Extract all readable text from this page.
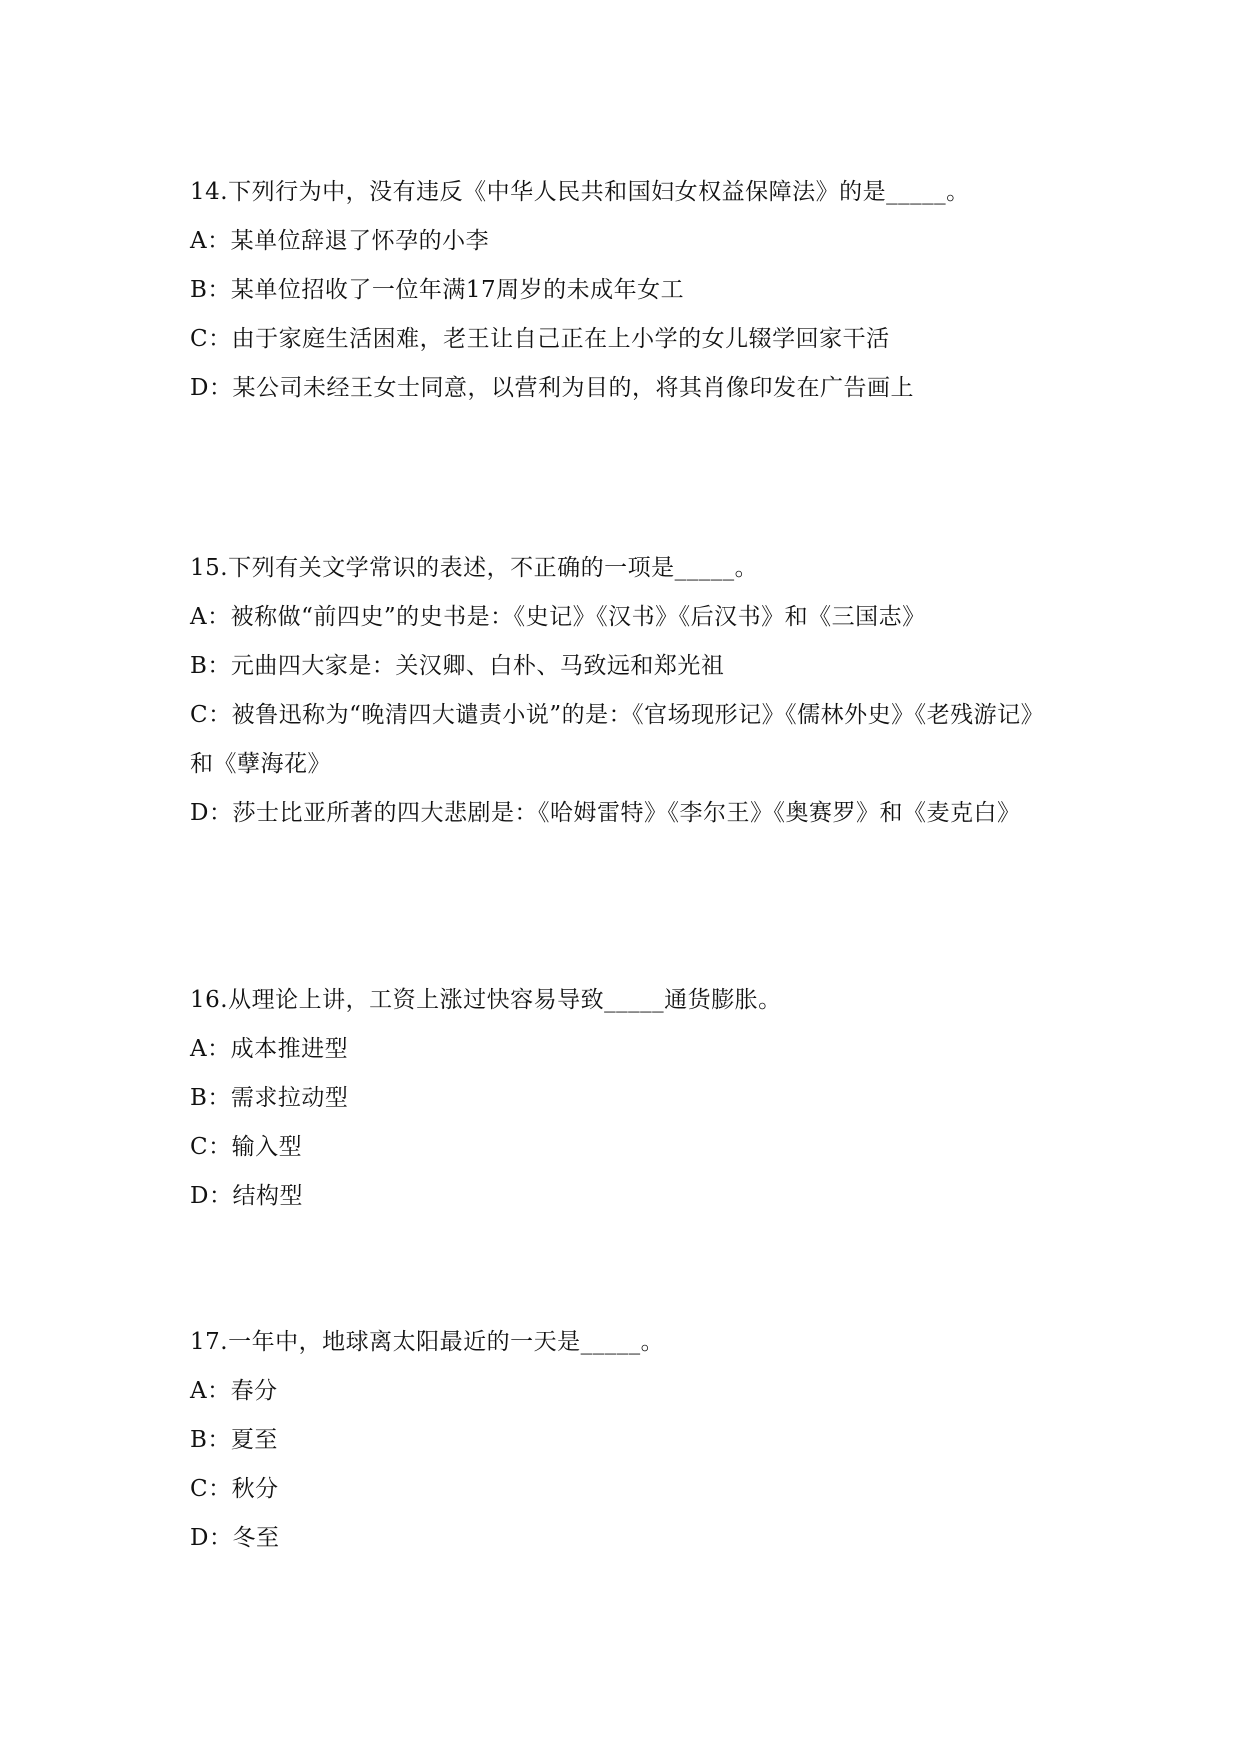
14.下列行为中，没有违反《中华人民共和国妇女权益保障法》的是_____。
A：某单位辞退了怀孕的小李
B：某单位招收了一位年满17周岁的未成年女工
C：由于家庭生活困难，老王让自己正在上小学的女儿辍学回家干活
D：某公司未经王女士同意，以营利为目的，将其肖像印发在广告画上
15.下列有关文学常识的表述，不正确的一项是_____。
A：被称做“前四史”的史书是：《史记》《汉书》《后汉书》和《三国志》
B：元曲四大家是：关汉卿、白朴、马致远和郑光祖
C：被鲁迅称为“晚清四大谴责小说”的是：《官场现形记》《儒林外史》《老残游记》和《孽海花》
D：莎士比亚所著的四大悲剧是：《哈姆雷特》《李尔王》《奥赛罗》和《麦克白》
16.从理论上讲，工资上涨过快容易导致_____通货膨胀。
A：成本推进型
B：需求拉动型
C：输入型
D：结构型
17.一年中，地球离太阳最近的一天是_____。
A：春分
B：夏至
C：秋分
D：冬至
